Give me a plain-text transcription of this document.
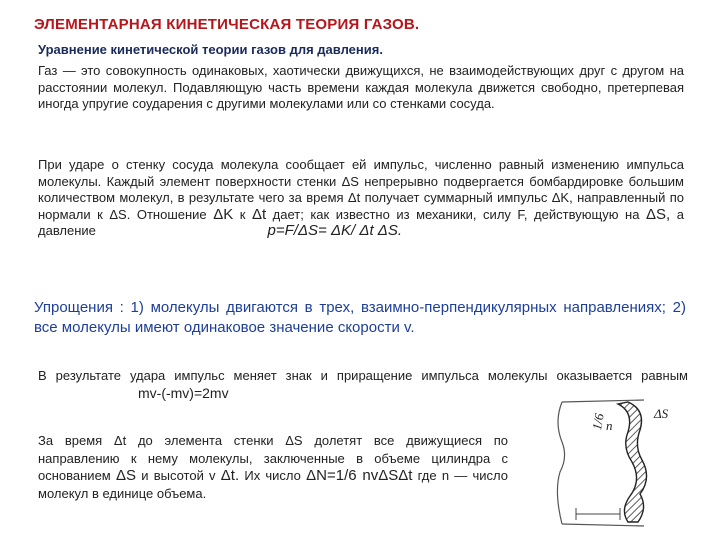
ЭЛЕМЕНТАРНАЯ КИНЕТИЧЕСКАЯ ТЕОРИЯ ГАЗОВ.
Уравнение кинетической теории газов для давления.
Газ — это совокупность одинаковых, хаотически движущихся, не взаимодействующих друг с другом на расстоянии молекул. Подавляющую часть времени каждая молекула движется свободно, претерпевая иногда упругие соударения с другими молекулами или со стенками сосуда.
При ударе о стенку сосуда молекула сообщает ей импульс, численно равный изменению импульса молекулы. Каждый элемент поверхности стенки ΔS непрерывно подвергается бомбардировке большим количеством молекул, в результате чего за время Δt получает суммарный импульс ΔK, направленный по нормали к ΔS. Отношение ΔK к Δt дает; как известно из механики, силу F, действующую на ΔS, а давление	p=F/ΔS= ΔK/ Δt ΔS.
Упрощения : 1) молекулы двигаются в трех, взаимно-перпендикулярных направлениях; 2) все молекулы имеют одинаковое значение скорости v.
В результате удара импульс меняет знак и приращение импульса молекулы оказывается равным mv-(-mv)=2mv
За время Δt до элемента стенки ΔS долетят все движущиеся по направлению к нему молекулы, заключенные в объеме цилиндра с основанием ΔS и высотой v Δt. Их число ΔN=1/6 nvΔSΔt где n — число молекул в единице объема.
1/6 n
ΔS
